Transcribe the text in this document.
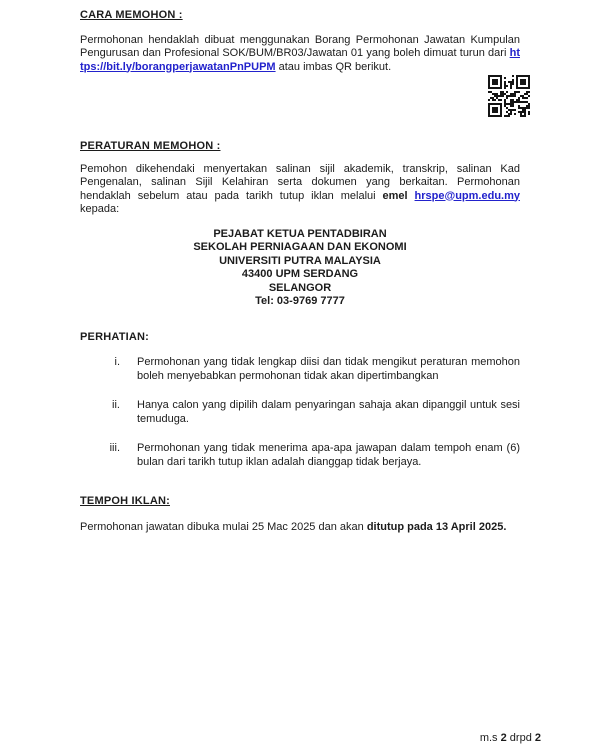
CARA MEMOHON :

Permohonan hendaklah dibuat menggunakan Borang Permohonan Jawatan Kumpulan Pengurusan dan Profesional SOK/BUM/BR03/Jawatan 01 yang boleh dimuat turun dari https://bit.ly/borangperjawatanPnPUPM atau imbas QR berikut.

PERATURAN MEMOHON :

Pemohon dikehendaki menyertakan salinan sijil akademik, transkrip, salinan Kad Pengenalan, salinan Sijil Kelahiran serta dokumen yang berkaitan. Permohonan hendaklah sebelum atau pada tarikh tutup iklan melalui emel hrspe@upm.edu.my kepada:

PEJABAT KETUA PENTADBIRAN
SEKOLAH PERNIAGAAN DAN EKONOMI
UNIVERSITI PUTRA MALAYSIA
43400 UPM SERDANG
SELANGOR
Tel: 03-9769 7777
PERHATIAN:
i. Permohonan yang tidak lengkap diisi dan tidak mengikut peraturan memohon boleh menyebabkan permohonan tidak akan dipertimbangkan
ii. Hanya calon yang dipilih dalam penyaringan sahaja akan dipanggil untuk sesi temuduga.
iii. Permohonan yang tidak menerima apa-apa jawapan dalam tempoh enam (6) bulan dari tarikh tutup iklan adalah dianggap tidak berjaya.
TEMPOH IKLAN:

Permohonan jawatan dibuka mulai 25 Mac 2025 dan akan ditutup pada 13 April 2025.

m.s 2 drpd 2
